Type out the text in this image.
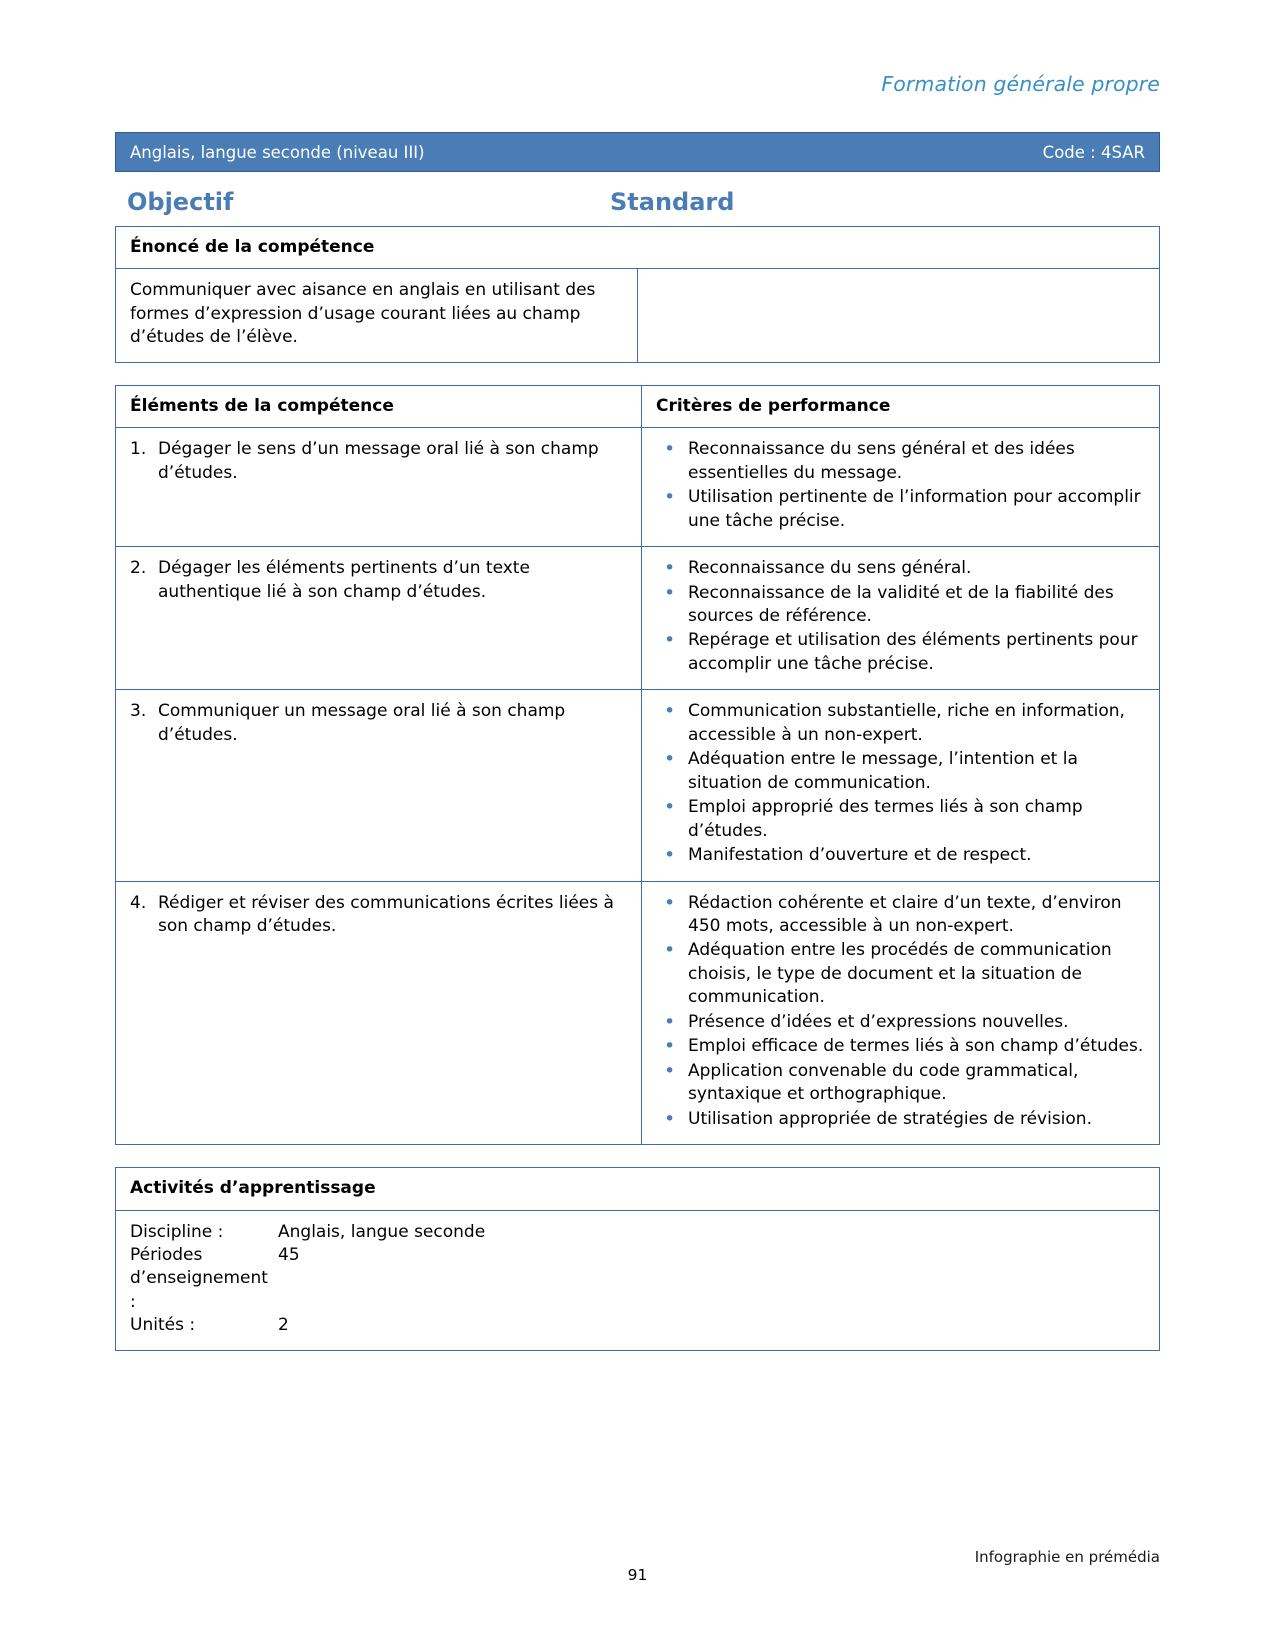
Formation générale propre
Anglais, langue seconde (niveau III)	Code : 4SAR
Objectif	Standard
Énoncé de la compétence

Communiquer avec aisance en anglais en utilisant des formes d’expression d’usage courant liées au champ d’études de l’élève.

Éléments de la compétence	Critères de performance

1. Dégager le sens d’un message oral lié à son champ d’études.

• Reconnaissance du sens général et des idées essentielles du message.
• Utilisation pertinente de l’information pour accomplir une tâche précise.

2. Dégager les éléments pertinents d’un texte authentique lié à son champ d’études.

• Reconnaissance du sens général.
• Reconnaissance de la validité et de la fiabilité des sources de référence.
• Repérage et utilisation des éléments pertinents pour accomplir une tâche précise.

3. Communiquer un message oral lié à son champ d’études.

• Communication substantielle, riche en information, accessible à un non-expert.
• Adéquation entre le message, l’intention et la situation de communication.
• Emploi approprié des termes liés à son champ d’études.
• Manifestation d’ouverture et de respect.

4. Rédiger et réviser des communications écrites liées à son champ d’études.

• Rédaction cohérente et claire d’un texte, d’environ 450 mots, accessible à un non-expert.
• Adéquation entre les procédés de communication choisis, le type de document et la situation de communication.
• Présence d’idées et d’expressions nouvelles.
• Emploi efficace de termes liés à son champ d’études.
• Application convenable du code grammatical, syntaxique et orthographique.
• Utilisation appropriée de stratégies de révision.
Activités d’apprentissage

Discipline :	Anglais, langue seconde
Périodes d’enseignement :
45
Unités :	2
Infographie en prémédia
91
